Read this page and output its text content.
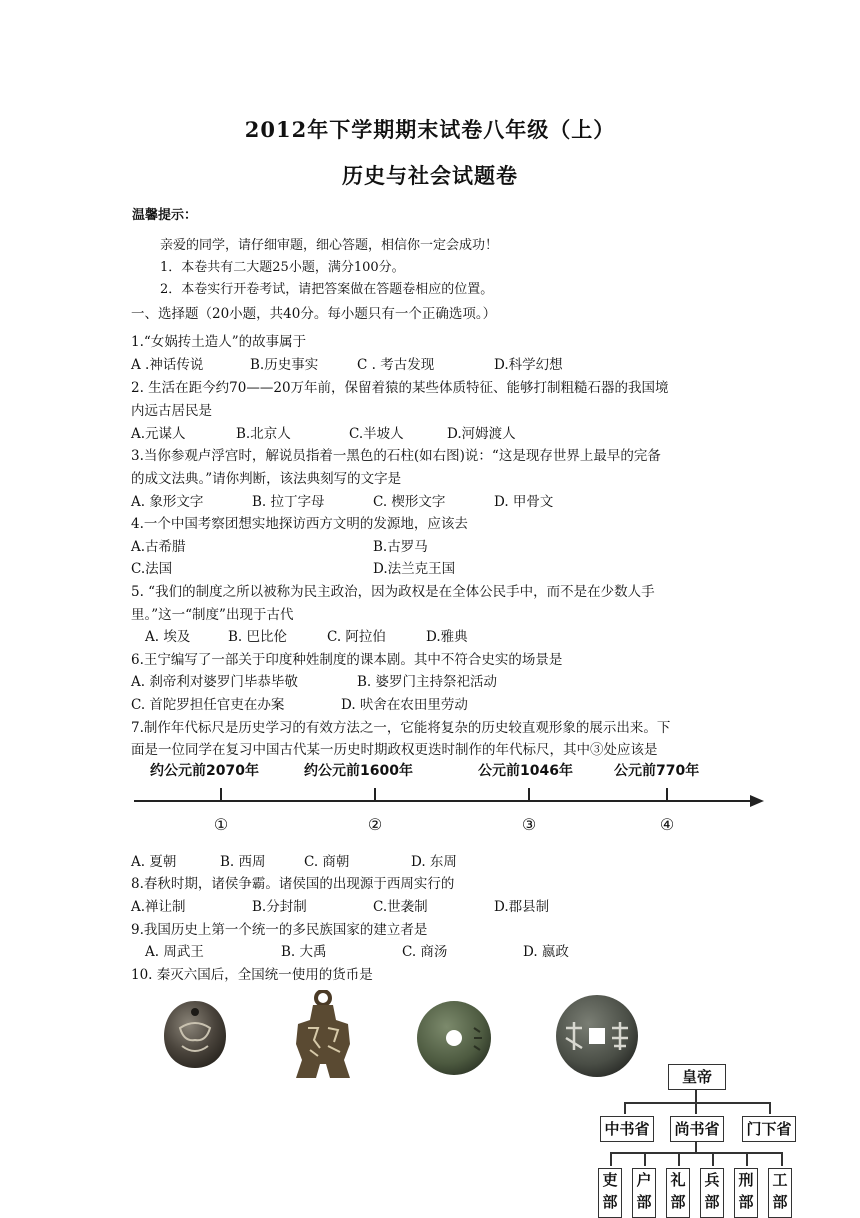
2012年下学期期末试卷八年级（上）
历史与社会试题卷
温馨提示：
亲爱的同学，请仔细审题，细心答题，相信你一定会成功！
1．本卷共有二大题25小题，满分100分。
2．本卷实行开卷考试，请把答案做在答题卷相应的位置。
一、选择题（20小题，共40分。每小题只有一个正确选项。）
1.“女娲抟土造人”的故事属于
A .神话传说	B.历史事实	C . 考古发现	D.科学幻想
2. 生活在距今约70——20万年前，保留着猿的某些体质特征、能够打制粗糙石器的我国境
内远古居民是
A.元谋人	B.北京人	C.半坡人	D.河姆渡人
3.当你参观卢浮宫时，解说员指着一黑色的石柱(如右图)说：“这是现存世界上最早的完备
的成文法典。”请你判断，该法典刻写的文字是
A. 象形文字	B. 拉丁字母	C. 楔形文字	D. 甲骨文
4.一个中国考察团想实地探访西方文明的发源地，应该去
A.古希腊	B.古罗马
C.法国	D.法兰克王国
5. “我们的制度之所以被称为民主政治，因为政权是在全体公民手中，而不是在少数人手
里。”这一“制度”出现于古代
A. 埃及	B. 巴比伦	C. 阿拉伯	D.雅典
6.王宁编写了一部关于印度种姓制度的课本剧。其中不符合史实的场景是
A. 刹帝利对婆罗门毕恭毕敬	B. 婆罗门主持祭祀活动
C. 首陀罗担任官吏在办案	D. 吠舍在农田里劳动
7.制作年代标尺是历史学习的有效方法之一，它能将复杂的历史较直观形象的展示出来。下
面是一位同学在复习中国古代某一历史时期政权更迭时制作的年代标尺，其中③处应该是
约公元前2070年	约公元前1600年	公元前1046年	公元前770年
①	②	③	④
A. 夏朝	B. 西周	C. 商朝	D. 东周
8.春秋时期，诸侯争霸。诸侯国的出现源于西周实行的
A.禅让制	B.分封制	C.世袭制	D.郡县制
9.我国历史上第一个统一的多民族国家的建立者是
A. 周武王	B. 大禹	C. 商汤	D. 嬴政
10. 秦灭六国后，全国统一使用的货币是
皇帝
中书省	尚书省	门下省
吏部
户部
礼部
兵部
刑部
工部
